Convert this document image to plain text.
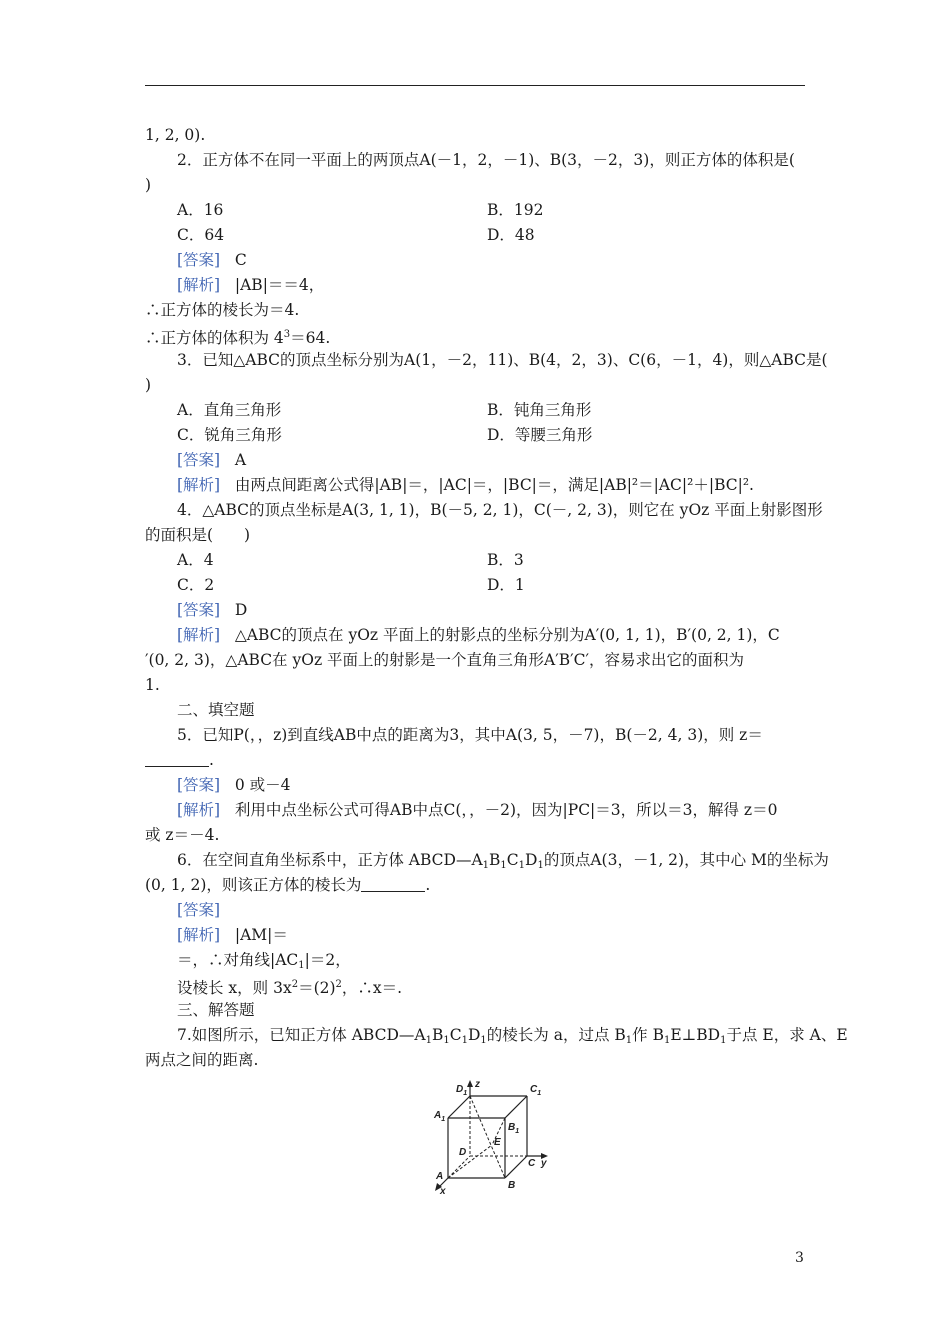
1, 2, 0).
2．正方体不在同一平面上的两顶点A(－1，2，－1)、B(3，－2，3)，则正方体的体积是(
)
A．16	B．192
C．64	D．48
[答案] C
[解析] |AB|＝＝4，
∴正方体的棱长为＝4.
∴正方体的体积为 $4^3=64$.
3．已知△ABC的顶点坐标分别为A(1，－2，11)、B(4，2，3)、C(6，－1，4)，则△ABC是(
)
A．直角三角形	B．钝角三角形
C．锐角三角形	D．等腰三角形
[答案] A
[解析] 由两点间距离公式得|AB|＝，|AC|＝，|BC|＝，满足|AB|²＝|AC|²＋|BC|².
4．△ABC的顶点坐标是A(3, 1, 1)，B(－5, 2, 1)，C(－, 2, 3)，则它在 yOz 平面上射影图形
的面积是(　　)
A．4	B．3
C．2	D．1
[答案] D
[解析] △ABC的顶点在 yOz 平面上的射影点的坐标分别为A′(0, 1, 1)，B′(0, 2, 1)，C
′(0, 2, 3)，△ABC在 yOz 平面上的射影是一个直角三角形A′B′C′，容易求出它的面积为
1.
二、填空题
5．已知P(，，z)到直线AB中点的距离为3，其中A(3, 5，－7)，B(－2, 4, 3)，则 z＝
.
[答案] 0 或－4
[解析] 利用中点坐标公式可得AB中点C(，，－2)，因为|PC|＝3，所以＝3，解得 z＝0
或 z＝－4.
6．在空间直角坐标系中，正方体 $ABCD—A_1B_1C_1D_1$的顶点A(3，－1, 2)，其中心 M的坐标为
(0, 1, 2)，则该正方体的棱长为	.
[答案]
[解析] |AM|＝
＝，∴对角线$|AC_1|=2$，
设棱长 x，则 $3x^2=(2)^2$，∴x＝.
三、解答题
7.如图所示，已知正方体 $ABCD—A_1B_1C_1D_1$的棱长为 a，过点 $B_1$作 $B_1E\perp BD_1$于点 E，求 A、E
两点之间的距离.
$D_1$
z	$C_1$
$A_1$
$B_1$
E
D
C y
A
B
x
3
